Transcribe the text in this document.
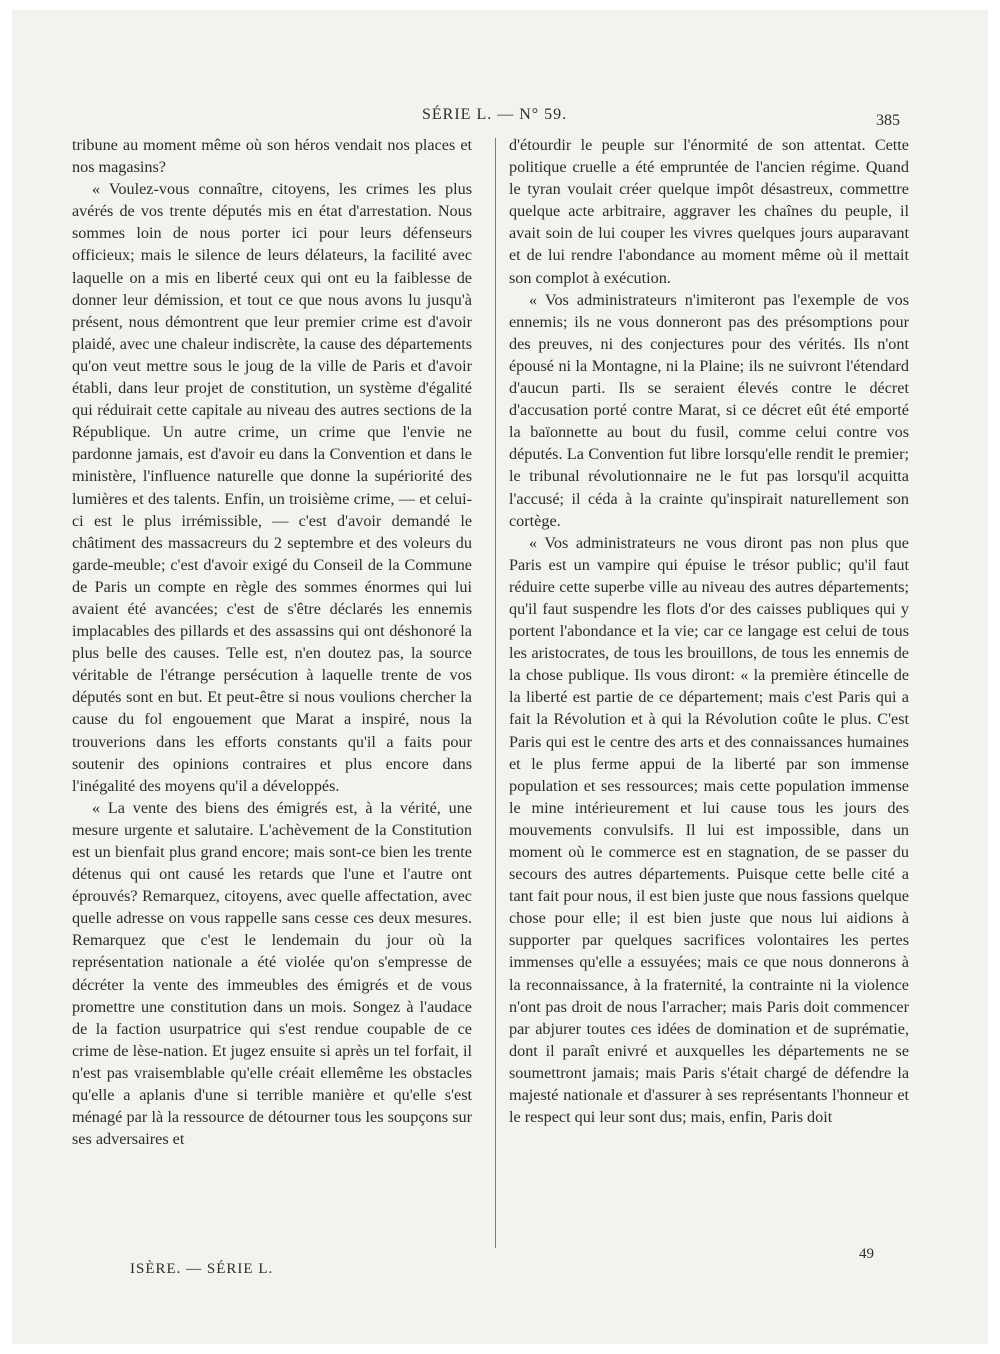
SÉRIE L. — N° 59.	385

tribune au moment même où son héros vendait nos places et nos magasins?

« Voulez-vous connaître, citoyens, les crimes les plus avérés de vos trente députés mis en état d'arrestation. Nous sommes loin de nous porter ici pour leurs défenseurs officieux; mais le silence de leurs délateurs, la facilité avec laquelle on a mis en liberté ceux qui ont eu la faiblesse de donner leur démission, et tout ce que nous avons lu jusqu'à présent, nous démontrent que leur premier crime est d'avoir plaidé, avec une chaleur indiscrète, la cause des départements qu'on veut mettre sous le joug de la ville de Paris et d'avoir établi, dans leur projet de constitution, un système d'égalité qui réduirait cette capitale au niveau des autres sections de la République. Un autre crime, un crime que l'envie ne pardonne jamais, est d'avoir eu dans la Convention et dans le ministère, l'influence naturelle que donne la supériorité des lumières et des talents. Enfin, un troisième crime, — et celui-ci est le plus irrémissible, — c'est d'avoir demandé le châtiment des massacreurs du 2 septembre et des voleurs du garde-meuble; c'est d'avoir exigé du Conseil de la Commune de Paris un compte en règle des sommes énormes qui lui avaient été avancées; c'est de s'être déclarés les ennemis implacables des pillards et des assassins qui ont déshonoré la plus belle des causes. Telle est, n'en doutez pas, la source véritable de l'étrange persécution à laquelle trente de vos députés sont en but. Et peut-être si nous voulions chercher la cause du fol engouement que Marat a inspiré, nous la trouverions dans les efforts constants qu'il a faits pour soutenir des opinions contraires et plus encore dans l'inégalité des moyens qu'il a développés.

« La vente des biens des émigrés est, à la vérité, une mesure urgente et salutaire. L'achèvement de la Constitution est un bienfait plus grand encore; mais sont-ce bien les trente détenus qui ont causé les retards que l'une et l'autre ont éprouvés? Remarquez, citoyens, avec quelle affectation, avec quelle adresse on vous rappelle sans cesse ces deux mesures. Remarquez que c'est le lendemain du jour où la représentation nationale a été violée qu'on s'empresse de décréter la vente des immeubles des émigrés et de vous promettre une constitution dans un mois. Songez à l'audace de la faction usurpatrice qui s'est rendue coupable de ce crime de lèse-nation. Et jugez ensuite si après un tel forfait, il n'est pas vraisemblable qu'elle créait ellemême les obstacles qu'elle a aplanis d'une si terrible manière et qu'elle s'est ménagé par là la ressource de détourner tous les soupçons sur ses adversaires et

d'étourdir le peuple sur l'énormité de son attentat. Cette politique cruelle a été empruntée de l'ancien régime. Quand le tyran voulait créer quelque impôt désastreux, commettre quelque acte arbitraire, aggraver les chaînes du peuple, il avait soin de lui couper les vivres quelques jours auparavant et de lui rendre l'abondance au moment même où il mettait son complot à exécution.

« Vos administrateurs n'imiteront pas l'exemple de vos ennemis; ils ne vous donneront pas des présomptions pour des preuves, ni des conjectures pour des vérités. Ils n'ont épousé ni la Montagne, ni la Plaine; ils ne suivront l'étendard d'aucun parti. Ils se seraient élevés contre le décret d'accusation porté contre Marat, si ce décret eût été emporté la baïonnette au bout du fusil, comme celui contre vos députés. La Convention fut libre lorsqu'elle rendit le premier; le tribunal révolutionnaire ne le fut pas lorsqu'il acquitta l'accusé; il céda à la crainte qu'inspirait naturellement son cortège.

« Vos administrateurs ne vous diront pas non plus que Paris est un vampire qui épuise le trésor public; qu'il faut réduire cette superbe ville au niveau des autres départements; qu'il faut suspendre les flots d'or des caisses publiques qui y portent l'abondance et la vie; car ce langage est celui de tous les aristocrates, de tous les brouillons, de tous les ennemis de la chose publique. Ils vous diront: « la première étincelle de la liberté est partie de ce département; mais c'est Paris qui a fait la Révolution et à qui la Révolution coûte le plus. C'est Paris qui est le centre des arts et des connaissances humaines et le plus ferme appui de la liberté par son immense population et ses ressources; mais cette population immense le mine intérieurement et lui cause tous les jours des mouvements convulsifs. Il lui est impossible, dans un moment où le commerce est en stagnation, de se passer du secours des autres départements. Puisque cette belle cité a tant fait pour nous, il est bien juste que nous fassions quelque chose pour elle; il est bien juste que nous lui aidions à supporter par quelques sacrifices volontaires les pertes immenses qu'elle a essuyées; mais ce que nous donnerons à la reconnaissance, à la fraternité, la contrainte ni la violence n'ont pas droit de nous l'arracher; mais Paris doit commencer par abjurer toutes ces idées de domination et de suprématie, dont il paraît enivré et auxquelles les départements ne se soumettront jamais; mais Paris s'était chargé de défendre la majesté nationale et d'assurer à ses représentants l'honneur et le respect qui leur sont dus; mais, enfin, Paris doit

ISÈRE. — SÉRIE L.
49
